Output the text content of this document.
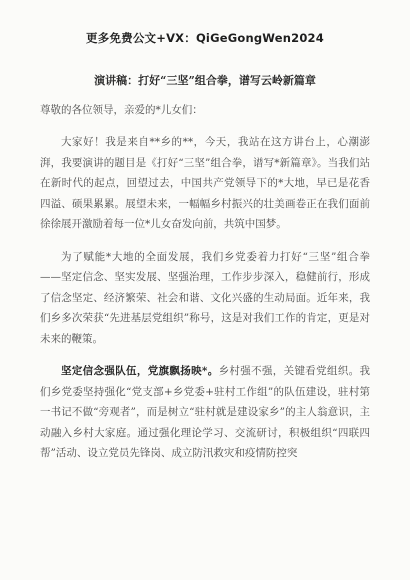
更多免费公文+VX：QiGeGongWen2024
演讲稿：打好“三坚”组合拳，谱写云岭新篇章
尊敬的各位领导，亲爱的*儿女们：

大家好！我是来自**乡的**，今天，我站在这方讲台上，心潮澎湃，我要演讲的题目是《打好“三坚”组合拳，谱写*新篇章》。当我们站在新时代的起点，回望过去，中国共产党领导下的*大地，早已是花香四溢、硕果累累。展望未来，一幅幅乡村振兴的壮美画卷正在我们面前徐徐展开激励着每一位*儿女奋发向前，共筑中国梦。

为了赋能*大地的全面发展，我们乡党委着力打好“三坚”组合拳——坚定信念、坚实发展、坚强治理，工作步步深入，稳健前行，形成了信念坚定、经济繁荣、社会和谐、文化兴盛的生动局面。近年来，我们乡多次荣获“先进基层党组织”称号，这是对我们工作的肯定，更是对未来的鞭策。

坚定信念强队伍，党旗飘扬映*。乡村强不强，关键看党组织。我们乡党委坚持强化“党支部+乡党委+驻村工作组”的队伍建设，驻村第一书记不做“旁观者”，而是树立“驻村就是建设家乡”的主人翁意识，主动融入乡村大家庭。通过强化理论学习、交流研讨，积极组织“四联四帮”活动、设立党员先锋岗、成立防汛救灾和疫情防控突
